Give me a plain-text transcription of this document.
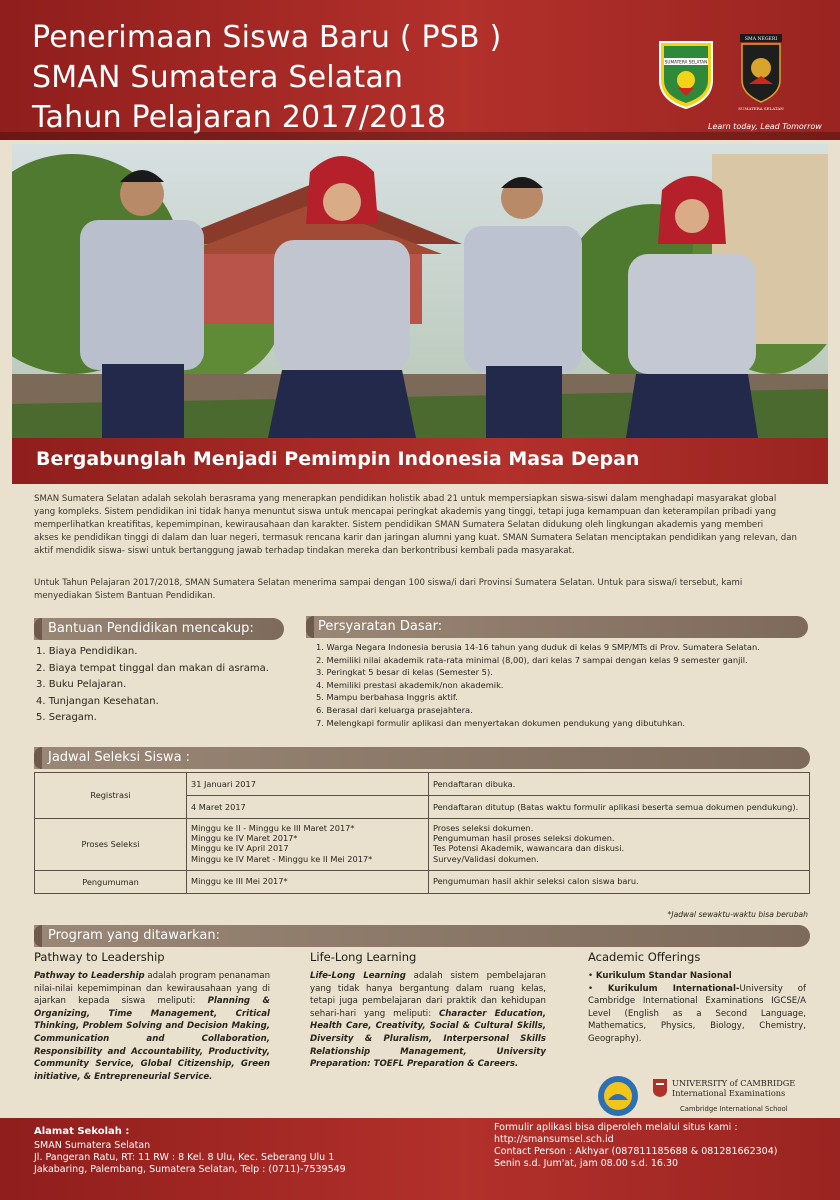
Penerimaan Siswa Baru ( PSB )
SMAN Sumatera Selatan
Tahun Pelajaran 2017/2018
SUMATERA SELATAN
SMA NEGERI
SUMATERA SELATAN
Learn today, Lead Tomorrow
Bergabunglah Menjadi Pemimpin Indonesia Masa Depan
SMAN Sumatera Selatan adalah sekolah berasrama yang menerapkan pendidikan holistik abad 21 untuk mempersiapkan siswa-siswi dalam menghadapi masyarakat global
yang kompleks. Sistem pendidikan ini tidak hanya menuntut siswa untuk mencapai peringkat akademis yang tinggi, tetapi juga kemampuan dan keterampilan pribadi yang
memperlihatkan kreatifitas, kepemimpinan, kewirausahaan dan karakter. Sistem pendidikan SMAN Sumatera Selatan didukung oleh lingkungan akademis yang memberi
akses ke pendidikan tinggi di dalam dan luar negeri, termasuk rencana karir dan jaringan alumni yang kuat. SMAN Sumatera Selatan menciptakan pendidikan yang relevan, dan
aktif mendidik siswa- siswi untuk bertanggung jawab terhadap tindakan mereka dan berkontribusi kembali pada masyarakat.
Untuk Tahun Pelajaran 2017/2018, SMAN Sumatera Selatan menerima sampai dengan 100 siswa/i dari Provinsi Sumatera Selatan. Untuk para siswa/i tersebut, kami
menyediakan Sistem Bantuan Pendidikan.
Bantuan Pendidikan mencakup:
1. Biaya Pendidikan.
2. Biaya tempat tinggal dan makan di asrama.
3. Buku Pelajaran.
4. Tunjangan Kesehatan.
5. Seragam.
Persyaratan Dasar:
1. Warga Negara Indonesia berusia 14-16 tahun yang duduk di kelas 9 SMP/MTs di Prov. Sumatera Selatan.
2. Memiliki nilai akademik rata-rata minimal (8,00), dari kelas 7 sampai dengan kelas 9 semester ganjil.
3. Peringkat 5 besar di kelas (Semester 5).
4. Memiliki prestasi akademik/non akademik.
5. Mampu berbahasa Inggris aktif.
6. Berasal dari keluarga prasejahtera.
7. Melengkapi formulir aplikasi dan menyertakan dokumen pendukung yang dibutuhkan.
Jadwal Seleksi Siswa :
Registrasi
31 Januari 2017
4 Maret 2017
Pendaftaran dibuka.
Pendaftaran ditutup (Batas waktu formulir aplikasi beserta semua dokumen pendukung).
Proses Seleksi
Minggu ke II - Minggu ke III Maret 2017*
Minggu ke IV Maret 2017*
Minggu ke IV April 2017
Minggu ke IV Maret - Minggu ke II Mei 2017*
Proses seleksi dokumen.
Pengumuman hasil proses seleksi dokumen.
Tes Potensi Akademik, wawancara dan diskusi.
Survey/Validasi dokumen.
Pengumuman	Minggu ke III Mei 2017*	Pengumuman hasil akhir seleksi calon siswa baru.
*Jadwal sewaktu-waktu bisa berubah
Program yang ditawarkan:
Pathway to Leadership
Pathway to Leadership adalah program penanaman nilai-nilai kepemimpinan dan kewirausahaan yang di ajarkan kepada siswa meliputi: Planning & Organizing, Time Management, Critical Thinking, Problem Solving and Decision Making, Communication and Collaboration, Responsibility and Accountability, Productivity, Community Service, Global Citizenship, Green initiative, & Entrepreneurial Service.
Life-Long Learning
Life-Long Learning adalah sistem pembelajaran yang tidak hanya bergantung dalam ruang kelas, tetapi juga pembelajaran dari praktik dan kehidupan sehari-hari yang meliputi: Character Education, Health Care, Creativity, Social & Cultural Skills, Diversity & Pluralism, Interpersonal Skills Relationship Management, University Preparation: TOEFL Preparation & Careers.
Academic Offerings
• Kurikulum Standar Nasional
• Kurikulum International-University of Cambridge International Examinations IGCSE/A Level (English as a Second Language, Mathematics, Physics, Biology, Chemistry, Geography).
UNIVERSITY of CAMBRIDGE
International Examinations
Cambridge International School
Alamat Sekolah :
SMAN Sumatera Selatan
Jl. Pangeran Ratu, RT: 11 RW : 8 Kel. 8 Ulu, Kec. Seberang Ulu 1
Jakabaring, Palembang, Sumatera Selatan, Telp : (0711)-7539549
Formulir aplikasi bisa diperoleh melalui situs kami :
http://smansumsel.sch.id
Contact Person : Akhyar (087811185688 & 081281662304)
Senin s.d. Jum'at, jam 08.00 s.d. 16.30
